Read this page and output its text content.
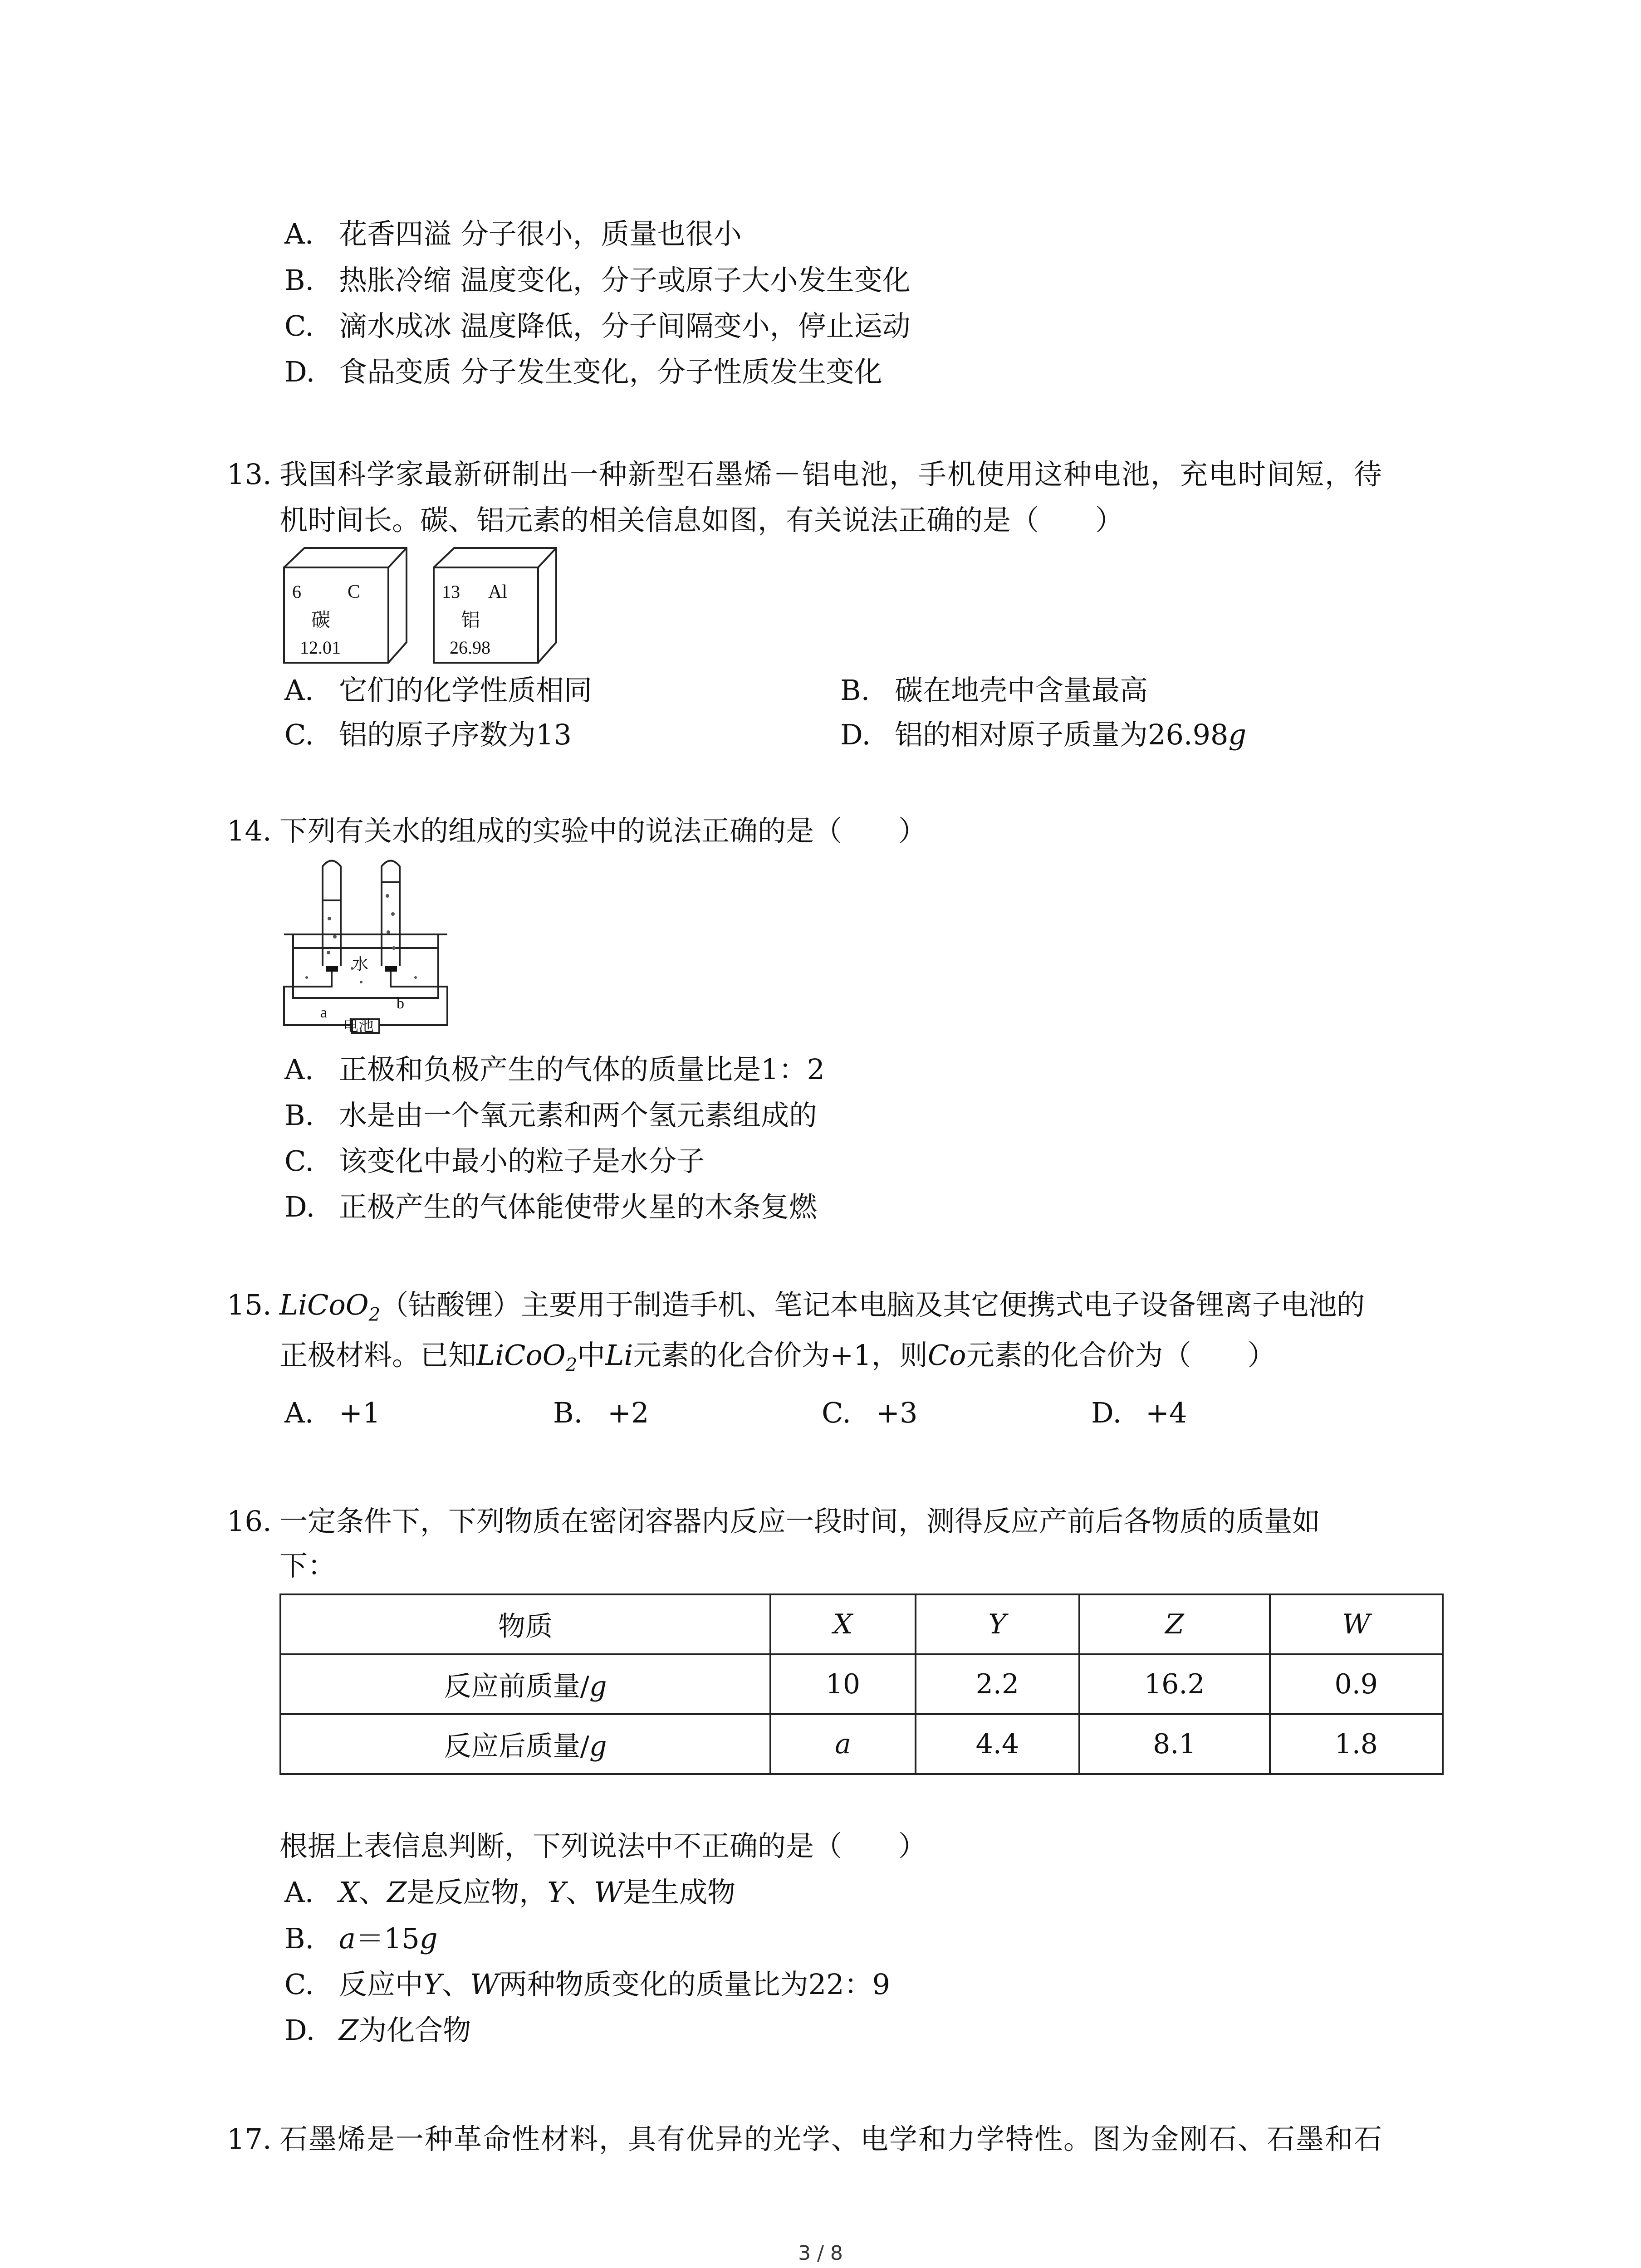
A. 花香四溢 分子很小，质量也很小
B. 热胀冷缩 温度变化，分子或原子大小发生变化
C. 滴水成冰 温度降低，分子间隔变小，停止运动
D. 食品变质 分子发生变化，分子性质发生变化
13. 我国科学家最新研制出一种新型石墨烯－铝电池，手机使用这种电池，充电时间短，待
机时间长。碳、铝元素的相关信息如图，有关说法正确的是（　　）
6 C
碳
12.01
13 Al
铝
26.98
A. 它们的化学性质相同	B. 碳在地壳中含量最高
C. 铝的原子序数为13	D. 铝的相对原子质量为26.98g
14. 下列有关水的组成的实验中的说法正确的是（　　）
水
a
b
电池
A. 正极和负极产生的气体的质量比是1：2
B. 水是由一个氧元素和两个氢元素组成的
C. 该变化中最小的粒子是水分子
D. 正极产生的气体能使带火星的木条复燃
15. LiCoO$_2$（钴酸锂）主要用于制造手机、笔记本电脑及其它便携式电子设备锂离子电池的
正极材料。已知LiCoO$_2$中Li元素的化合价为+1，则Co元素的化合价为（　　）
A. +1	B. +2	C. +3	D. +4
16. 一定条件下，下列物质在密闭容器内反应一段时间，测得反应产前后各物质的质量如
下：
物质	X	Y	Z	W
反应前质量/g	10	2.2	16.2	0.9
反应后质量/g	a	4.4	8.1	1.8
根据上表信息判断，下列说法中不正确的是（　　）
A. X、Z是反应物，Y、W是生成物
B. a＝15g
C. 反应中Y、W两种物质变化的质量比为22：9
D. Z为化合物
17. 石墨烯是一种革命性材料，具有优异的光学、电学和力学特性。图为金刚石、石墨和石
3 / 8
